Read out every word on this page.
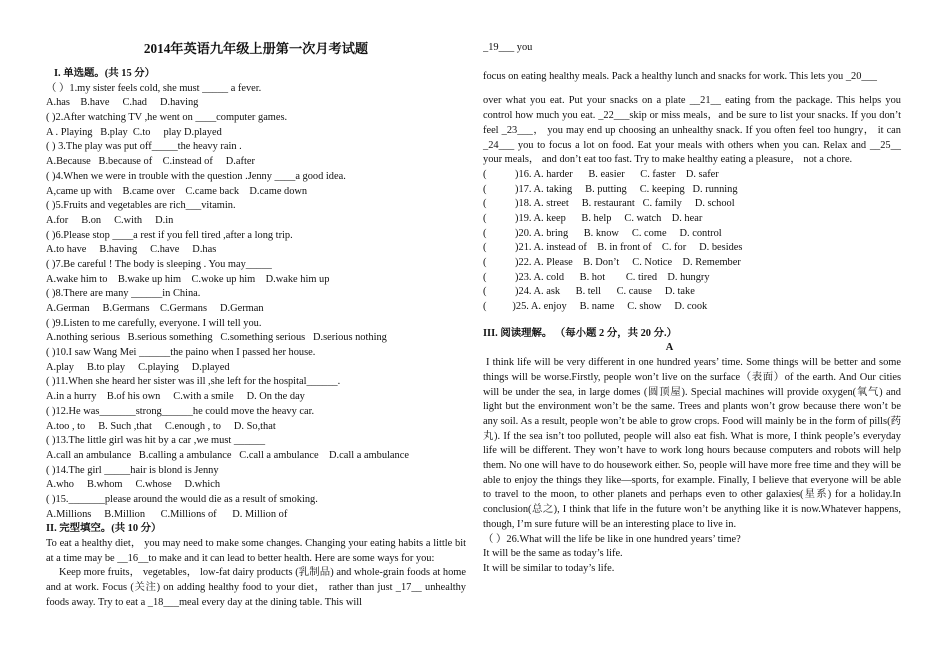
2014年英语九年级上册第一次月考试题
I. 单选题。(共 15 分）
（ ）1.my sister feels cold, she must _____ a fever.
A.has    B.have     C.had     D.having
( )2.After watching TV ,he went on ____computer games.
A . Playing   B.play  C.to     play D.played
( ) 3.The play was put off_____the heavy rain .
A.Because   B.because of    C.instead of     D.after
( )4.When we were in trouble with the question .Jenny ____a good idea.
A,came up with    B.came over    C.came back    D.came down
( )5.Fruits and vegetables are rich___vitamin.
A.for     B.on     C.with     D.in
( )6.Please stop ____a rest if you fell tired ,after a long trip.
A.to have     B.having     C.have     D.has
( )7.Be careful ! The body is sleeping . You may_____
A.wake him to    B.wake up him    C.woke up him    D.wake him up
( )8.There are many ______in China.
A.German     B.Germans    C.Germans     D.German
( )9.Listen to me carefully, everyone. I will tell you.
A.nothing serious   B.serious something   C.something serious   D.serious nothing
( )10.I saw Wang Mei ______the paino when I passed her house.
A.play     B.to play     C.playing     D.played
( )11.When she heard her sister was ill ,she left for the hospital______.
A.in a hurry    B.of his own     C.with a smile     D. On the day
( )12.He was_______strong______he could move the heavy car.
A.too , to     B. Such ,that     C.enough , to     D. So,that
( )13.The little girl was hit by a car ,we must ______
A.call an ambulance   B.calling a ambulance   C.call a ambulance    D.call a ambulance
( )14.The girl _____hair is blond is Jenny
A.who     B.whom     C.whose     D.which
( )15._______please around the would die as a result of smoking.
A.Millions     B.Million      C.Millions of      D. Million of
II. 完型填空。(共 10 分）
To eat a healthy diet， you may need to make some changes. Changing your eating habits a little bit at a time may be __16__to make and it can lead to better health. Here are some ways for you:
Keep more fruits， vegetables， low-fat dairy products (乳制品) and whole-grain foods at home and at work. Focus (关注) on adding healthy food to your diet， rather than just _17__ unhealthy foods away. Try to eat a _18___meal every day at the dining table. This will
_19___ you
focus on eating healthy meals. Pack a healthy lunch and snacks for work. This lets you _20___
over what you eat. Put your snacks on a plate __21__ eating from the package. This helps you control how much you eat. _22___skip or miss meals，and be sure to list your snacks. If you don’t feel _23___， you may end up choosing an unhealthy snack. If you often feel too hungry， it can _24___ you to focus a lot on food. Eat your meals with others when you can. Relax and __25__ your meals， and don’t eat too fast. Try to make healthy eating a pleasure， not a chore.
(           )16. A. harder      B. easier      C. faster    D. safer
(           )17. A. taking     B. putting     C. keeping   D. running
(           )18. A. street     B. restaurant   C. family     D. school
(           )19. A. keep      B. help     C. watch    D. hear
(           )20. A. bring      B. know     C. come     D. control
(           )21. A. instead of    B. in front of    C. for     D. besides
(           )22. A. Please    B. Don’t     C. Notice    D. Remember
(           )23. A. cold      B. hot        C. tired    D. hungry
(           )24. A. ask      B. tell      C. cause     D. take
(          )25. A. enjoy     B. name     C. show     D. cook
III. 阅读理解。 （每小题 2 分，共 20 分.）
A
I think life will be very different in one hundred years’ time. Some things will be better and some things will be worse.Firstly, people won’t live on the surface（表面）of the earth. And Our cities will be under the sea, in large domes (圆顶屋). Special machines will provide oxygen(氧气) and light but the environment won’t be the same. Trees and plants won’t grow because there won’t be any soil. As a result, people won’t be able to grow crops. Food will mainly be in the form of pills(药丸). If the sea isn’t too polluted, people will also eat fish. What is more, I think people’s everyday life will be different. They won’t have to work long hours because computers and robots will help them. No one will have to do housework either. So, people will have more free time and they will be able to enjoy the things they like—sports, for example. Finally, I believe that everyone will be able to travel to the moon, to other planets and perhaps even to other galaxies(星系) for a holiday.In conclusion(总之), I think that life in the future won’t be anything like it is now.Whatever happens, though, I’m sure future will be an interesting place to live in.
（ ）26.What will the life be like in one hundred years’ time?
It will be the same as today’s life.
It will be similar to today’s life.
